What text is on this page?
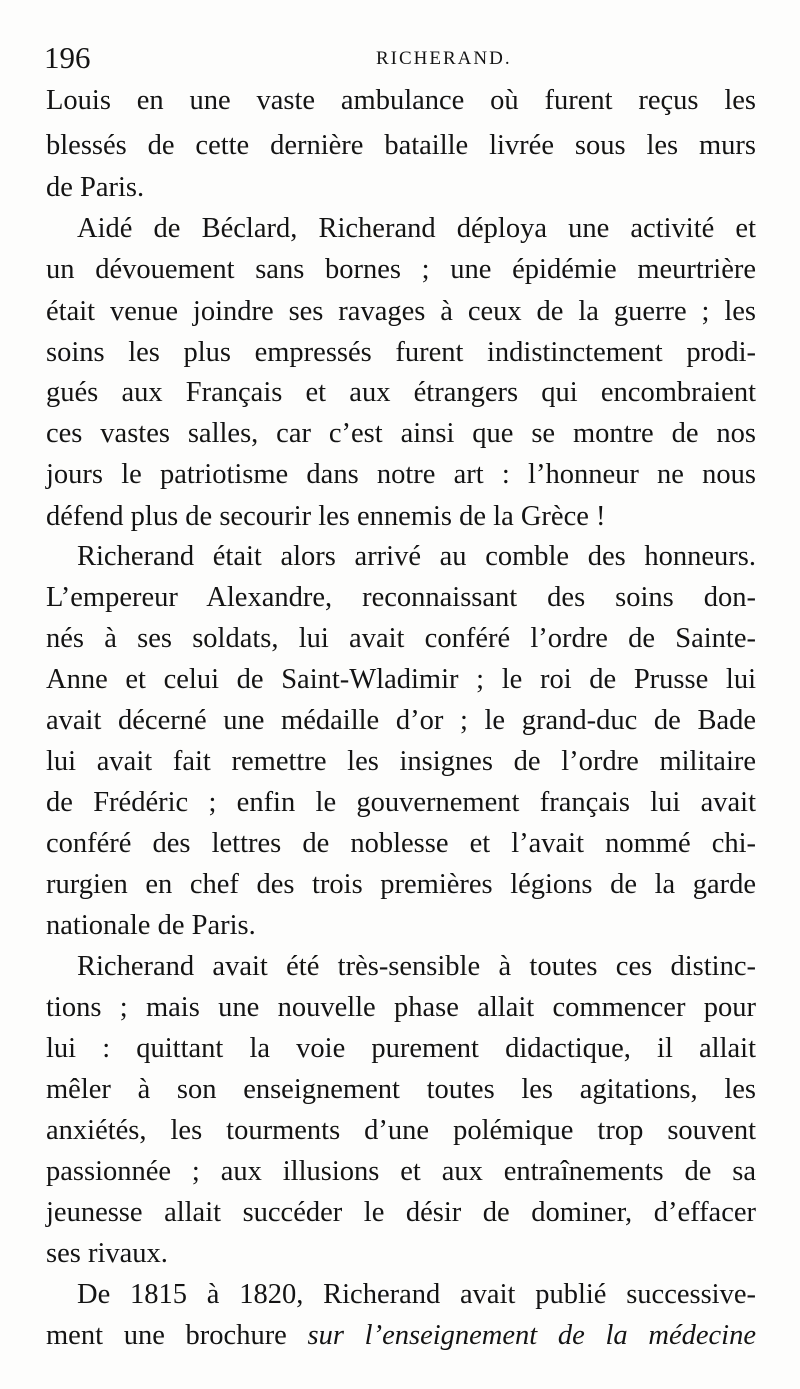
196	RICHERAND.
Louis en une vaste ambulance où furent reçus les
blessés de cette dernière bataille livrée sous les murs
de Paris.
Aidé de Béclard, Richerand déploya une activité et
un dévouement sans bornes ; une épidémie meurtrière
était venue joindre ses ravages à ceux de la guerre ; les
soins les plus empressés furent indistinctement prodi-
gués aux Français et aux étrangers qui encombraient
ces vastes salles, car c’est ainsi que se montre de nos
jours le patriotisme dans notre art : l’honneur ne nous
défend plus de secourir les ennemis de la Grèce !
Richerand était alors arrivé au comble des honneurs.
L’empereur Alexandre, reconnaissant des soins don-
nés à ses soldats, lui avait conféré l’ordre de Sainte-
Anne et celui de Saint-Wladimir ; le roi de Prusse lui
avait décerné une médaille d’or ; le grand-duc de Bade
lui avait fait remettre les insignes de l’ordre militaire
de Frédéric ; enfin le gouvernement français lui avait
conféré des lettres de noblesse et l’avait nommé chi-
rurgien en chef des trois premières légions de la garde
nationale de Paris.
Richerand avait été très-sensible à toutes ces distinc-
tions ; mais une nouvelle phase allait commencer pour
lui : quittant la voie purement didactique, il allait
mêler à son enseignement toutes les agitations, les
anxiétés, les tourments d’une polémique trop souvent
passionnée ; aux illusions et aux entraînements de sa
jeunesse allait succéder le désir de dominer, d’effacer
ses rivaux.
De 1815 à 1820, Richerand avait publié successive-
ment une brochure sur l’enseignement de la médecine
